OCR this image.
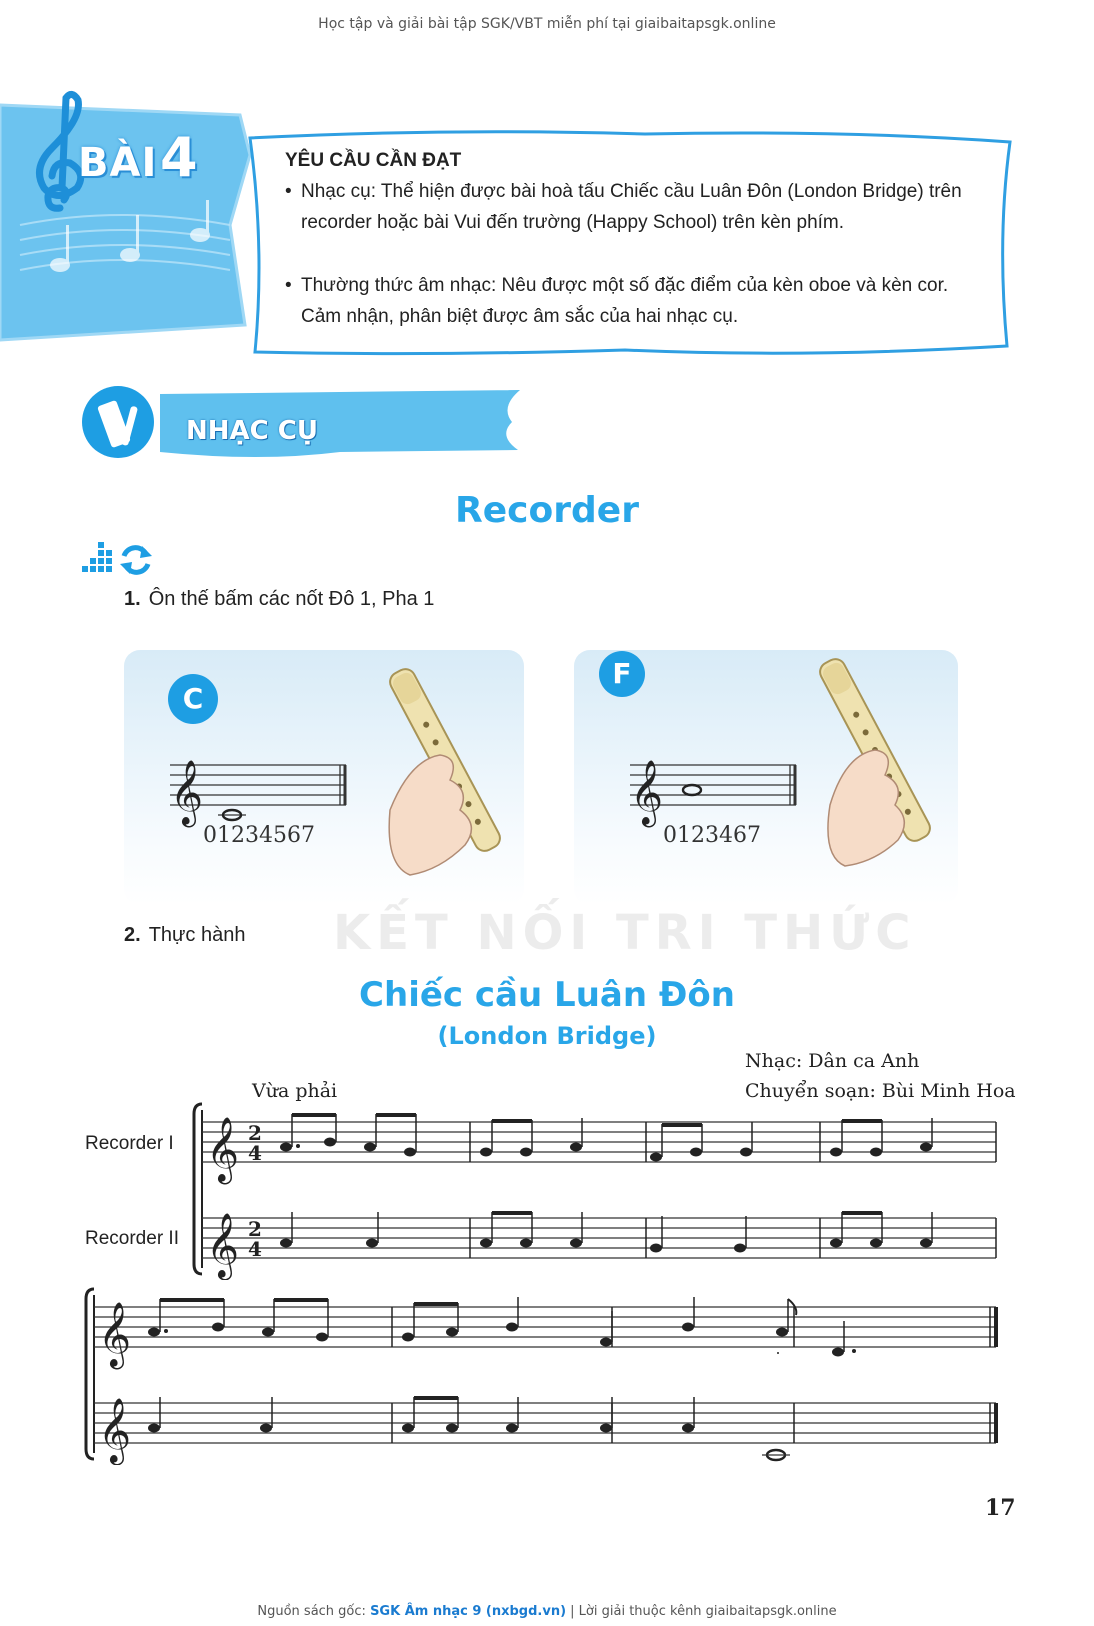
Học tập và giải bài tập SGK/VBT miễn phí tại giaibaitapsgk.online
BÀI 4	YÊU CẦU CẦN ĐẠT
• Nhạc cụ: Thể hiện được bài hoà tấu Chiếc cầu Luân Đôn (London Bridge) trên recorder hoặc bài Vui đến trường (Happy School) trên kèn phím.
• Thường thức âm nhạc: Nêu được một số đặc điểm của kèn oboe và kèn cor. Cảm nhận, phân biệt được âm sắc của hai nhạc cụ.
NHẠC CỤ
Recorder
1. Ôn thế bấm các nốt Đô 1, Pha 1
C
𝄞
01234567
F
𝄞
0123467
KẾT NỐI TRI THỨC
2. Thực hành
Chiếc cầu Luân Đôn
(London Bridge)
Nhạc: Dân ca Anh
Chuyển soạn: Bùi Minh Hoa
Vừa phải
Recorder I
Recorder II
𝄞
𝄞
2
4
2
4
𝄞
𝄞
17
Nguồn sách gốc: SGK Âm nhạc 9 (nxbgd.vn) | Lời giải thuộc kênh giaibaitapsgk.online
